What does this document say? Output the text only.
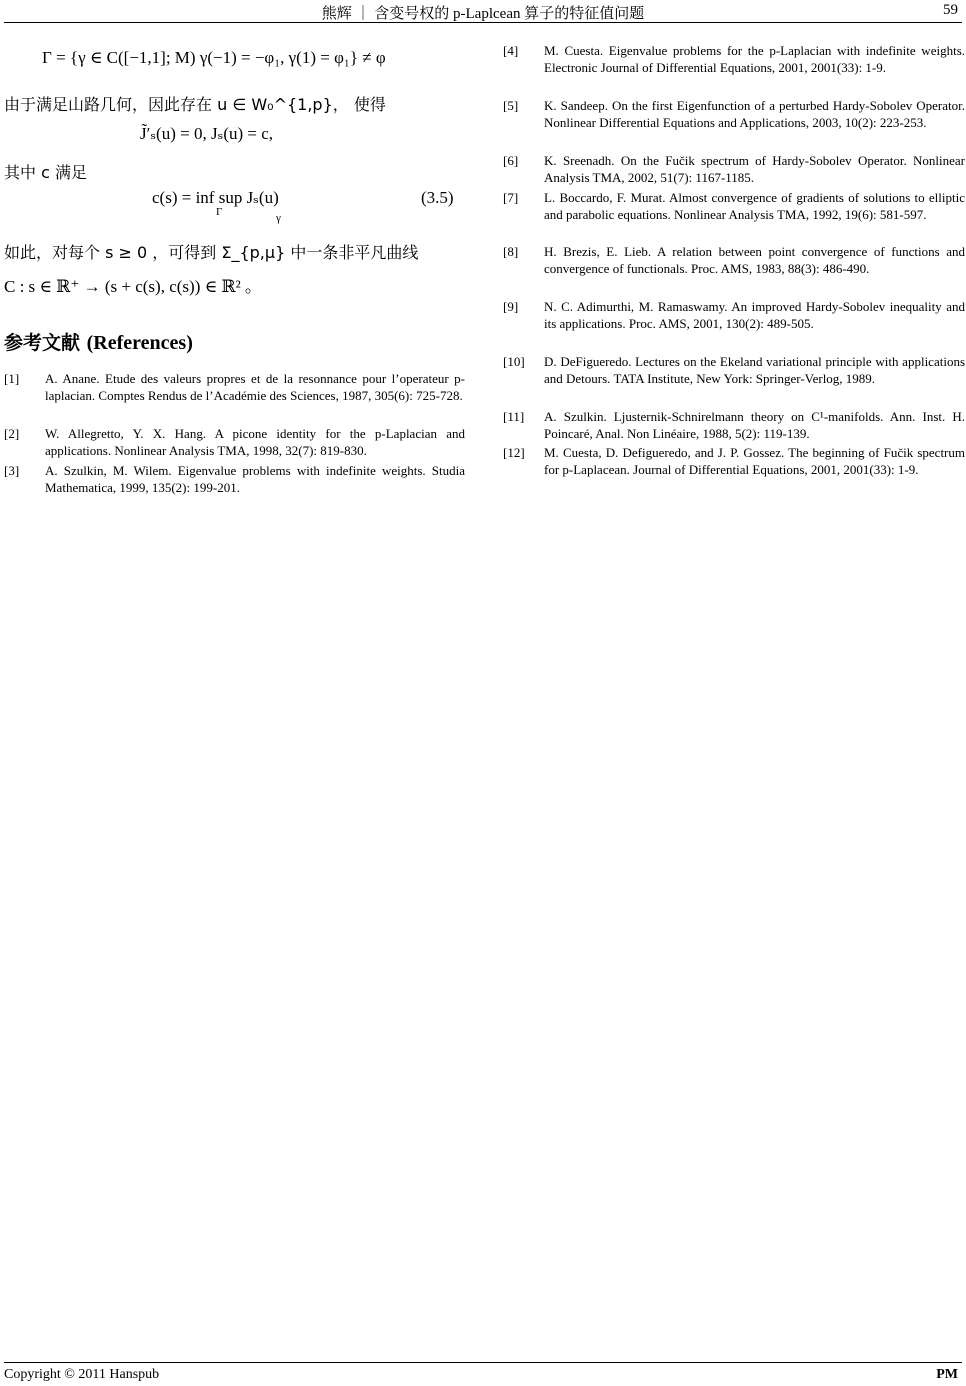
熊辉 ｜ 含变号权的 p-Laplcean 算子的特征值问题	59
Γ = {γ ∈ C([−1,1]; M) γ(−1) = −φ₁, γ(1) = φ₁} ≠ φ
由于满足山路几何，因此存在 u ∈ W₀^{1,p}， 使得
J̃′ₛ(u) = 0, Jₛ(u) = c,
其中 c 满足
c(s) = inf sup Jₛ(u)
Γ	γ
(3.5)
如此，对每个 s ≥ 0 ，可得到 Σ_{p,μ} 中一条非平凡曲线
C : s ∈ ℝ⁺ → (s + c(s), c(s)) ∈ ℝ² 。
参考文献 (References)
[1] A. Anane. Etude des valeurs propres et de la resonnance pour l’operateur p-laplacian. Comptes Rendus de l’Académie des Sciences, 1987, 305(6): 725-728.
[2] W. Allegretto, Y. X. Hang. A picone identity for the p-Laplacian and applications. Nonlinear Analysis TMA, 1998, 32(7): 819-830.
[3] A. Szulkin, M. Wilem. Eigenvalue problems with indefinite weights. Studia Mathematica, 1999, 135(2): 199-201.
[4] M. Cuesta. Eigenvalue problems for the p-Laplacian with indefinite weights. Electronic Journal of Differential Equations, 2001, 2001(33): 1-9.
[5] K. Sandeep. On the first Eigenfunction of a perturbed Hardy-Sobolev Operator. Nonlinear Differential Equations and Applications, 2003, 10(2): 223-253.
[6] K. Sreenadh. On the Fučik spectrum of Hardy-Sobolev Operator. Nonlinear Analysis TMA, 2002, 51(7): 1167-1185.
[7] L. Boccardo, F. Murat. Almost convergence of gradients of solutions to elliptic and parabolic equations. Nonlinear Analysis TMA, 1992, 19(6): 581-597.
[8] H. Brezis, E. Lieb. A relation between point convergence of functions and convergence of functionals. Proc. AMS, 1983, 88(3): 486-490.
[9] N. C. Adimurthi, M. Ramaswamy. An improved Hardy-Sobolev inequality and its applications. Proc. AMS, 2001, 130(2): 489-505.
[10] D. DeFigueredo. Lectures on the Ekeland variational principle with applications and Detours. TATA Institute, New York: Springer-Verlog, 1989.
[11] A. Szulkin. Ljusternik-Schnirelmann theory on C¹-manifolds. Ann. Inst. H. Poincaré, Anal. Non Linéaire, 1988, 5(2): 119-139.
[12] M. Cuesta, D. Defigueredo, and J. P. Gossez. The beginning of Fučik spectrum for p-Laplacean. Journal of Differential Equations, 2001, 2001(33): 1-9.
Copyright © 2011 Hanspub	PM
